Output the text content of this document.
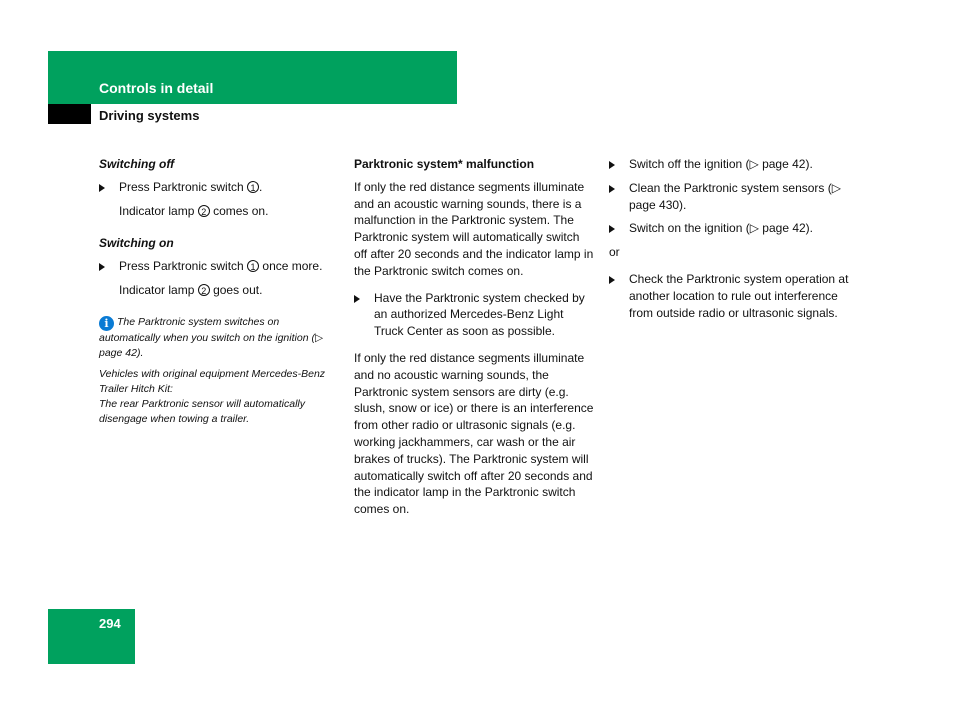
Controls in detail
Driving systems
Switching off
Press Parktronic switch 1 .
Indicator lamp 2 comes on.
Switching on
Press Parktronic switch 1 once more.
Indicator lamp 2 goes out.
i The Parktronic system switches on automatically when you switch on the ignition (▷ page 42).
Vehicles with original equipment Mercedes-Benz Trailer Hitch Kit:
The rear Parktronic sensor will automatically disengage when towing a trailer.
Parktronic system* malfunction

If only the red distance segments illuminate and an acoustic warning sounds, there is a malfunction in the Parktronic system. The Parktronic system will automatically switch off after 20 seconds and the indicator lamp in the Parktronic switch comes on.

Have the Parktronic system checked by an authorized Mercedes-Benz Light Truck Center as soon as possible.

If only the red distance segments illuminate and no acoustic warning sounds, the Parktronic system sensors are dirty (e.g. slush, snow or ice) or there is an interference from other radio or ultrasonic signals (e.g. working jackhammers, car wash or the air brakes of trucks). The Parktronic system will automatically switch off after 20 seconds and the indicator lamp in the Parktronic switch comes on.

Switch off the ignition (▷ page 42).
Clean the Parktronic system sensors (▷ page 430).
Switch on the ignition (▷ page 42).
or
Check the Parktronic system operation at another location to rule out interference from outside radio or ultrasonic signals.
294
